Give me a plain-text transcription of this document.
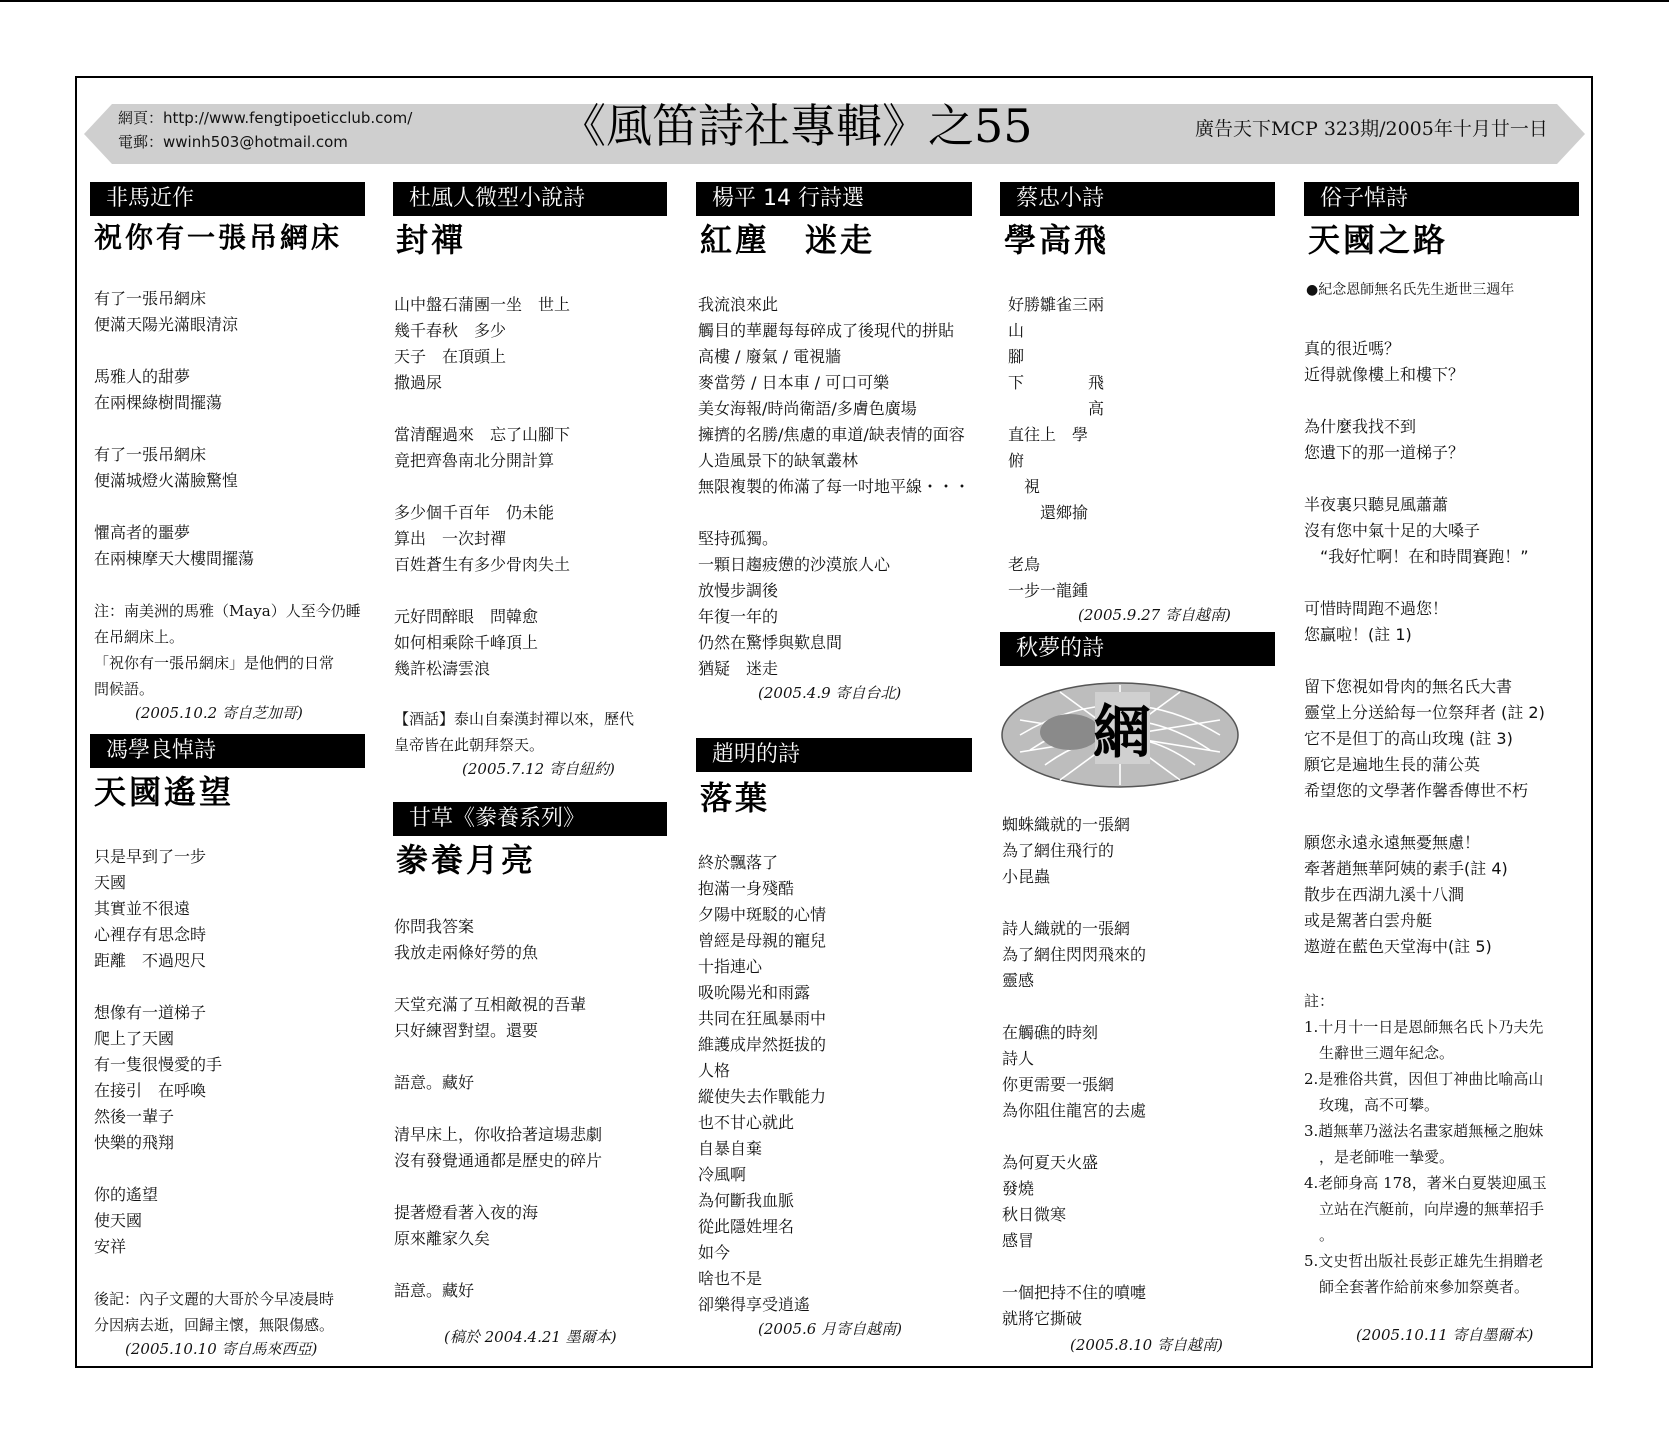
網頁：http://www.fengtipoeticclub.com/
電郵：wwinh503@hotmail.com	《風笛詩社專輯》之55	廣告天下MCP 323期/2005年十月廿一日
非馬近作
祝你有一張吊網床
有了一張吊網床
便滿天陽光滿眼清涼

馬雅人的甜夢
在兩棵綠樹間擺蕩

有了一張吊網床
便滿城燈火滿臉驚惶

懼高者的噩夢
在兩棟摩天大樓間擺蕩
注：南美洲的馬雅（Maya）人至今仍睡
在吊網床上。
「祝你有一張吊網床」是他們的日常
問候語。
(2005.10.2 寄自芝加哥)
馮學良悼詩
天國遙望
只是早到了一步
天國
其實並不很遠
心裡存有思念時
距離　不過咫尺

想像有一道梯子
爬上了天國
有一隻很慢愛的手
在接引　在呼喚
然後一輩子
快樂的飛翔

你的遙望
使天國
安祥
後記：內子文麗的大哥於今早凌晨時
分因病去逝，回歸主懷，無限傷感。
(2005.10.10 寄自馬來西亞)
杜風人微型小說詩
封禪
山中盤石蒲團一坐　世上
幾千春秋　多少
天子　在頂頭上
撒過尿

當清醒過來　忘了山腳下
竟把齊魯南北分開計算

多少個千百年　仍未能
算出　一次封禪
百姓蒼生有多少骨肉失土

元好問醉眼　問韓愈
如何相乘除千峰頂上
幾許松濤雲浪
【酒話】泰山自秦漢封禪以來，歷代
皇帝皆在此朝拜祭天。
(2005.7.12 寄自紐約)
甘草《豢養系列》
豢養月亮
你問我答案
我放走兩條好勞的魚

天堂充滿了互相敵視的吾輩
只好練習對望。還要

語意。藏好

清早床上，你收拾著這場悲劇
沒有發覺通通都是歷史的碎片

提著燈看著入夜的海
原來離家久矣

語意。藏好
(稿於 2004.4.21 墨爾本)
楊平 14 行詩選
紅塵　迷走
我流浪來此
觸目的華麗每每碎成了後現代的拼貼
高樓 / 廢氣 / 電視牆
麥當勞 / 日本車 / 可口可樂
美女海報/時尚衛語/多膚色廣場
擁擠的名勝/焦慮的車道/缺表情的面容
人造風景下的缺氧叢林
無限複製的佈滿了每一吋地平線・・・

堅持孤獨。
一顆日趨疲憊的沙漠旅人心
放慢步調後
年復一年的
仍然在驚悸與歎息間
猶疑　迷走
(2005.4.9 寄自台北)
趙明的詩
落葉
終於飄落了
抱滿一身殘酷
夕陽中斑駁的心情
曾經是母親的寵兒
十指連心
吸吮陽光和雨露
共同在狂風暴雨中
維護成岸然挺拔的
人格
縱使失去作戰能力
也不甘心就此
自暴自棄
冷風啊
為何斷我血脈
從此隱姓埋名
如今
啥也不是
卻樂得享受逍遙
(2005.6 月寄自越南)
蔡忠小詩
學高飛
好勝雛雀三兩
山
腳
下　　　　飛
　　　　　高
直往上　學
俯
　視
　　還鄉揄

老鳥
一步一龍鍾
(2005.9.27 寄自越南)
秋夢的詩
網
蜘蛛織就的一張網
為了網住飛行的
小昆蟲

詩人織就的一張網
為了網住閃閃飛來的
靈感

在觸礁的時刻
詩人
你更需要一張網
為你阻住龍宮的去處

為何夏天火盛
發燒
秋日微寒
感冒

一個把持不住的噴嚏
就將它撕破
(2005.8.10 寄自越南)
俗子悼詩
天國之路
●紀念恩師無名氏先生逝世三週年
真的很近嗎？
近得就像樓上和樓下？

為什麼我找不到
您遺下的那一道梯子？

半夜裏只聽見風蕭蕭
沒有您中氣十足的大嗓子
　“我好忙啊！在和時間賽跑！”

可惜時間跑不過您！
您贏啦！(註 1)

留下您視如骨肉的無名氏大書
靈堂上分送給每一位祭拜者 (註 2)
它不是但丁的高山玫瑰 (註 3)
願它是遍地生長的蒲公英
希望您的文學著作馨香傳世不朽

願您永遠永遠無憂無慮！
牽著趙無華阿姨的素手(註 4)
散步在西湖九溪十八澗
或是駕著白雲舟艇
遨遊在藍色天堂海中(註 5)
註：
1.十月十一日是恩師無名氏卜乃夫先
　生辭世三週年紀念。
2.是雅俗共賞，因但丁神曲比喻高山
　玫瑰，高不可攀。
3.趙無華乃滋法名畫家趙無極之胞妹
　，是老師唯一摯愛。
4.老師身高 178，著米白夏裝迎風玉
　立站在汽艇前，向岸邊的無華招手
　。
5.文史哲出版社長彭正雄先生捐贈老
　師全套著作給前來參加祭奠者。
(2005.10.11 寄自墨爾本)
